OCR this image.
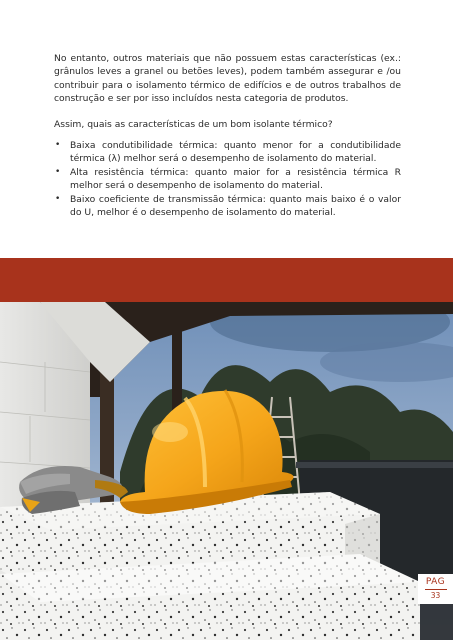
No entanto, outros materiais que não possuem estas características (ex.: grânulos leves a granel ou betões leves), podem também assegurar e /ou contribuir para o isolamento térmico de edifícios e de outros trabalhos de construção e ser por isso incluídos nesta categoria de produtos.

Assim, quais as características de um bom isolante térmico?

• Baixa condutibilidade térmica: quanto menor for a condutibilidade térmica (λ) melhor será o desempenho de isolamento do material.
• Alta resistência térmica: quanto maior for a resistência térmica R melhor será o desempenho de isolamento do material.
• Baixo coeficiente de transmissão térmica: quanto mais baixo é o valor do U, melhor é o desempenho de isolamento do material.
PAG
33
